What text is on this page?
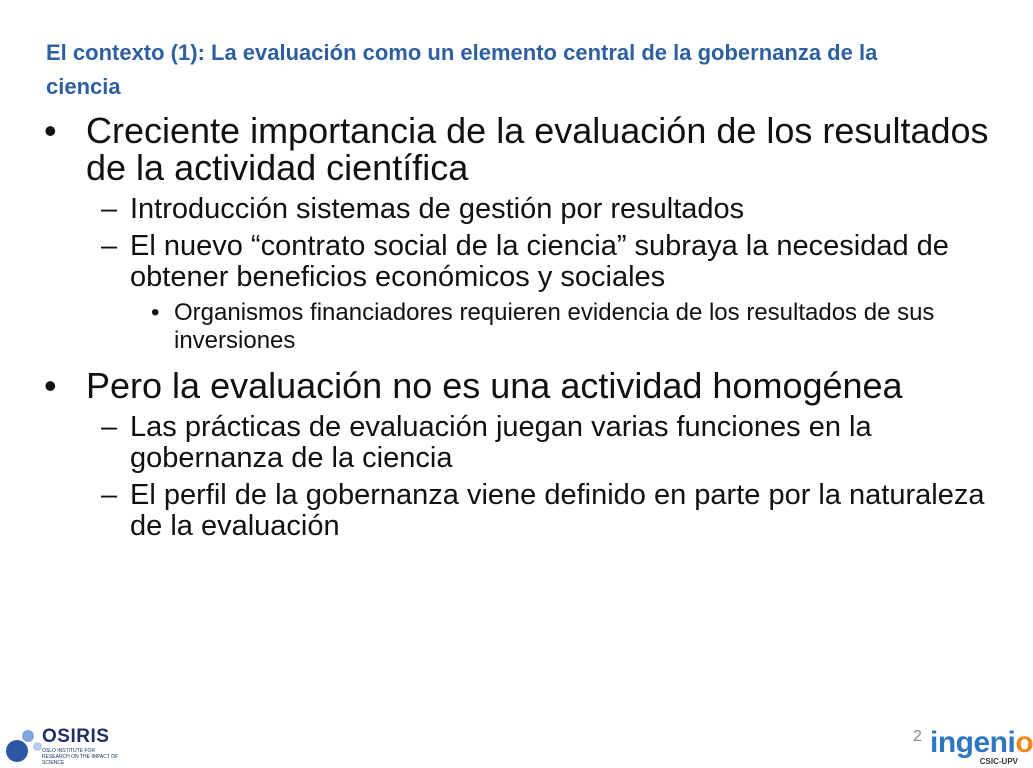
El contexto (1): La evaluación como un elemento central de la gobernanza de la ciencia
• Creciente importancia de la evaluación de los resultados de la actividad científica
– Introducción sistemas de gestión por resultados
– El nuevo “contrato social de la ciencia” subraya la necesidad de obtener beneficios económicos y sociales
• Organismos financiadores requieren evidencia de los resultados de sus inversiones
• Pero la evaluación no es una actividad homogénea
– Las prácticas de evaluación juegan varias funciones en la gobernanza de la ciencia
– El perfil de la gobernanza viene definido en parte por la naturaleza de la evaluación
OSIRIS
OSLO INSTITUTE FOR RESEARCH ON THE IMPACT OF SCIENCE
2 ingenio
CSIC-UPV
